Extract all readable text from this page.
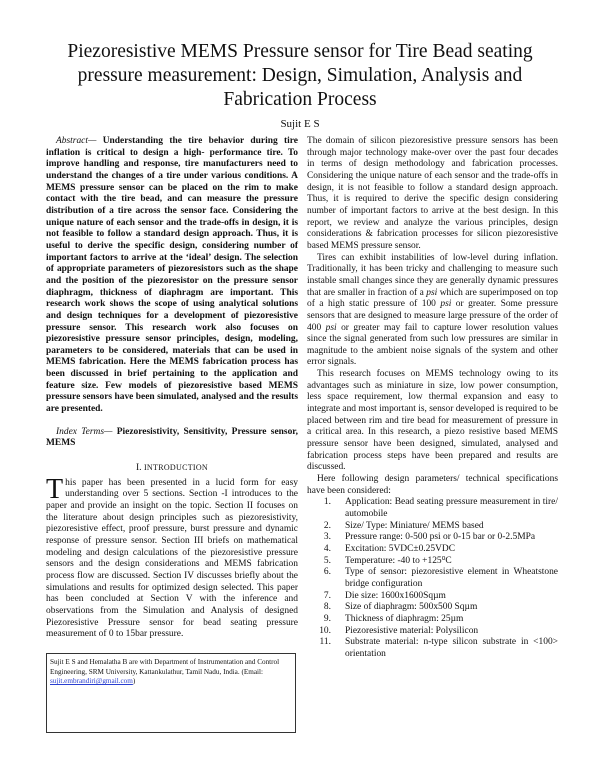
Piezoresistive MEMS Pressure sensor for Tire Bead seating pressure measurement: Design, Simulation, Analysis and Fabrication Process
Sujit E S

Abstract— Understanding the tire behavior during tire inflation is critical to design a high- performance tire. To improve handling and response, tire manufacturers need to understand the changes of a tire under various conditions. A MEMS pressure sensor can be placed on the rim to make contact with the tire bead, and can measure the pressure distribution of a tire across the sensor face. Considering the unique nature of each sensor and the trade-offs in design, it is not feasible to follow a standard design approach. Thus, it is useful to derive the specific design, considering number of important factors to arrive at the ‘ideal’ design. The selection of appropriate parameters of piezoresistors such as the shape and the position of the piezoresistor on the pressure sensor diaphragm, thickness of diaphragm are important. This research work shows the scope of using analytical solutions and design techniques for a development of piezoresistive pressure sensor. This research work also focuses on piezoresistive pressure sensor principles, design, modeling, parameters to be considered, materials that can be used in MEMS fabrication. Here the MEMS fabrication process has been discussed in brief pertaining to the application and feature size. Few models of piezoresistive based MEMS pressure sensors have been simulated, analysed and the results are presented.

Index Terms— Piezoresistivity, Sensitivity, Pressure sensor, MEMS

I. INTRODUCTION

This paper has been presented in a lucid form for easy understanding over 5 sections. Section -I introduces to the paper and provide an insight on the topic. Section II focuses on the literature about design principles such as piezoresistivity, piezoresistive effect, proof pressure, burst pressure and dynamic response of pressure sensor. Section III briefs on mathematical modeling and design calculations of the piezoresistive pressure sensors and the design considerations and MEMS fabrication process flow are discussed. Section IV discusses briefly about the simulations and results for optimized design selected. This paper has been concluded at Section V with the inference and observations from the Simulation and Analysis of designed Piezoresistive Pressure sensor for bead seating pressure measurement of 0 to 15bar pressure.

Sujit E S and Hemalatha B are with Department of Instrumentation and Control Engineering, SRM University, Kattankulathur, Tamil Nadu, India. (Email: sujit.embrandiri@gmail.com)

The domain of silicon piezoresistive pressure sensors has been through major technology make-over over the past four decades in terms of design methodology and fabrication processes. Considering the unique nature of each sensor and the trade-offs in design, it is not feasible to follow a standard design approach. Thus, it is required to derive the specific design considering number of important factors to arrive at the best design. In this report, we review and analyze the various principles, design considerations & fabrication processes for silicon piezoresistive based MEMS pressure sensor.

Tires can exhibit instabilities of low-level during inflation. Traditionally, it has been tricky and challenging to measure such instable small changes since they are generally dynamic pressures that are smaller in fraction of a psi which are superimposed on top of a high static pressure of 100 psi or greater. Some pressure sensors that are designed to measure large pressure of the order of 400 psi or greater may fail to capture lower resolution values since the signal generated from such low pressures are similar in magnitude to the ambient noise signals of the system and other error signals.

This research focuses on MEMS technology owing to its advantages such as miniature in size, low power consumption, less space requirement, low thermal expansion and easy to integrate and most important is, sensor developed is required to be placed between rim and tire bead for measurement of pressure in a critical area. In this research, a piezo resistive based MEMS pressure sensor have been designed, simulated, analysed and fabrication process steps have been prepared and results are discussed.

Here following design parameters/ technical specifications have been considered:

1.	Application: Bead seating pressure measurement in tire/ automobile
2.	Size/ Type: Miniature/ MEMS based
3.	Pressure range: 0-500 psi or 0-15 bar or 0-2.5MPa
4.	Excitation: 5VDC±0.25VDC
5.	Temperature: -40 to +125⁰C
6.	Type of sensor: piezoresistive element in Wheatstone bridge configuration
7.	Die size: 1600x1600Sqµm
8.	Size of diaphragm: 500x500 Sqµm
9.	Thickness of diaphragm: 25µm
10.	Piezoresistive material: Polysilicon
11.	Substrate material: n-type silicon substrate in <100> orientation
